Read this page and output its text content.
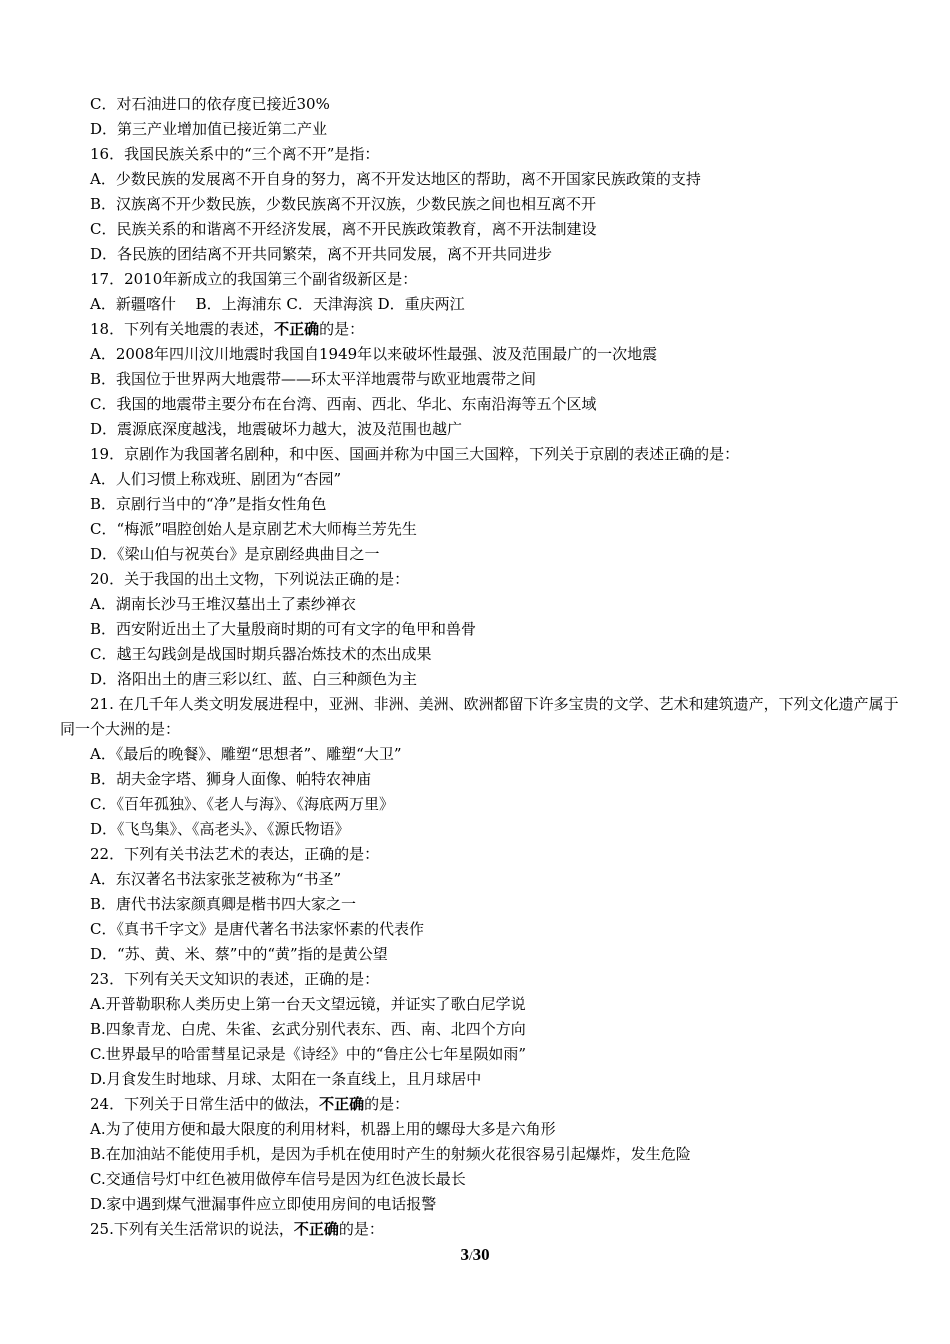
C．对石油进口的依存度已接近30%
D．第三产业增加值已接近第二产业
16．我国民族关系中的“三个离不开”是指：
A．少数民族的发展离不开自身的努力，离不开发达地区的帮助，离不开国家民族政策的支持
B．汉族离不开少数民族，少数民族离不开汉族，少数民族之间也相互离不开
C．民族关系的和谐离不开经济发展，离不开民族政策教育，离不开法制建设
D．各民族的团结离不开共同繁荣，离不开共同发展，离不开共同进步
17．2010年新成立的我国第三个副省级新区是：
A．新疆喀什　 B．上海浦东 C．天津海滨 D．重庆两江
18．下列有关地震的表述，不正确的是：
A．2008年四川汶川地震时我国自1949年以来破坏性最强、波及范围最广的一次地震
B．我国位于世界两大地震带——环太平洋地震带与欧亚地震带之间
C．我国的地震带主要分布在台湾、西南、西北、华北、东南沿海等五个区域
D．震源底深度越浅，地震破坏力越大，波及范围也越广
19．京剧作为我国著名剧种，和中医、国画并称为中国三大国粹，下列关于京剧的表述正确的是：
A．人们习惯上称戏班、剧团为“杏园”
B．京剧行当中的“净”是指女性角色
C．“梅派”唱腔创始人是京剧艺术大师梅兰芳先生
D．《梁山伯与祝英台》是京剧经典曲目之一
20．关于我国的出土文物，下列说法正确的是：
A．湖南长沙马王堆汉墓出土了素纱禅衣
B．西安附近出土了大量殷商时期的可有文字的龟甲和兽骨
C．越王勾践剑是战国时期兵器冶炼技术的杰出成果
D．洛阳出土的唐三彩以红、蓝、白三种颜色为主
21. 在几千年人类文明发展进程中，亚洲、非洲、美洲、欧洲都留下许多宝贵的文学、艺术和建筑遗产，下列文化遗产属于同一个大洲的是：
A．《最后的晚餐》、雕塑“思想者”、雕塑“大卫”
B．胡夫金字塔、狮身人面像、帕特农神庙
C．《百年孤独》、《老人与海》、《海底两万里》
D．《飞鸟集》、《高老头》、《源氏物语》
22．下列有关书法艺术的表达，正确的是：
A．东汉著名书法家张芝被称为“书圣”
B．唐代书法家颜真卿是楷书四大家之一
C．《真书千字文》是唐代著名书法家怀素的代表作
D．“苏、黄、米、蔡”中的“黄”指的是黄公望
23．下列有关天文知识的表述，正确的是：
A.开普勒职称人类历史上第一台天文望远镜，并证实了歌白尼学说
B.四象青龙、白虎、朱雀、玄武分别代表东、西、南、北四个方向
C.世界最早的哈雷彗星记录是《诗经》中的“鲁庄公七年星陨如雨”
D.月食发生时地球、月球、太阳在一条直线上，且月球居中
24．下列关于日常生活中的做法，不正确的是：
A.为了使用方便和最大限度的利用材料，机器上用的螺母大多是六角形
B.在加油站不能使用手机，是因为手机在使用时产生的射频火花很容易引起爆炸，发生危险
C.交通信号灯中红色被用做停车信号是因为红色波长最长
D.家中遇到煤气泄漏事件应立即使用房间的电话报警
25.下列有关生活常识的说法，不正确的是：
3/30
